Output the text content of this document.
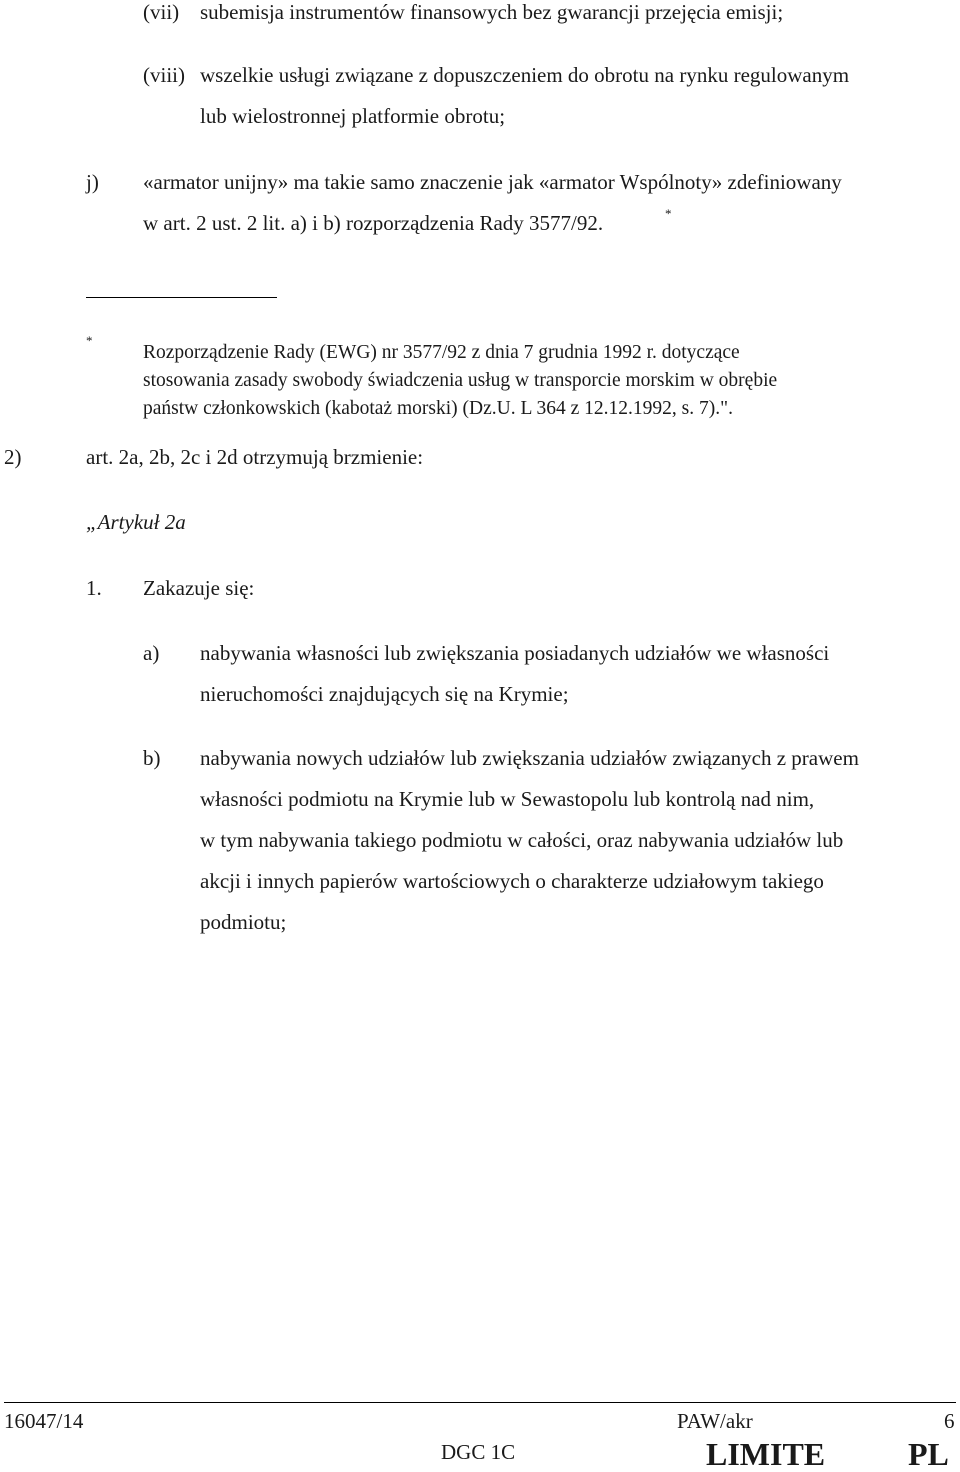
(vii) subemisja instrumentów finansowych bez gwarancji przejęcia emisji;
(viii) wszelkie usługi związane z dopuszczeniem do obrotu na rynku regulowanym
lub wielostronnej platformie obrotu;
j) «armator unijny» ma takie samo znaczenie jak «armator Wspólnoty» zdefiniowany
w art. 2 ust. 2 lit. a) i b) rozporządzenia Rady 3577/92.	*
*
Rozporządzenie Rady (EWG) nr 3577/92 z dnia 7 grudnia 1992 r. dotyczące
stosowania zasady swobody świadczenia usług w transporcie morskim w obrębie
państw członkowskich (kabotaż morski) (Dz.U. L 364 z 12.12.1992, s. 7).".
2)	art. 2a, 2b, 2c i 2d otrzymują brzmienie:
„Artykuł 2a
1. Zakazuje się:
a) nabywania własności lub zwiększania posiadanych udziałów we własności
nieruchomości znajdujących się na Krymie;
b) nabywania nowych udziałów lub zwiększania udziałów związanych z prawem
własności podmiotu na Krymie lub w Sewastopolu lub kontrolą nad nim,
w tym nabywania takiego podmiotu w całości, oraz nabywania udziałów lub
akcji i innych papierów wartościowych o charakterze udziałowym takiego
podmiotu;
16047/14	PAW/akr	6
DGC 1C	LIMITE	PL
